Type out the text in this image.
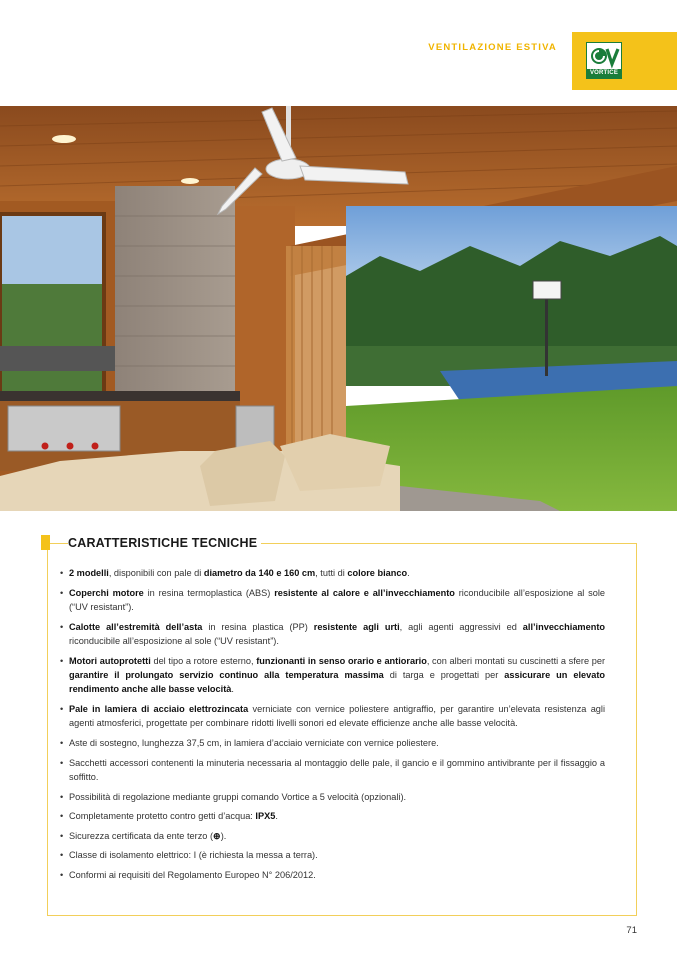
VENTILAZIONE ESTIVA
VORTICE
CARATTERISTICHE TECNICHE
• 2 modelli, disponibili con pale di diametro da 140 e 160 cm, tutti di colore bianco.
• Coperchi motore in resina termoplastica (ABS) resistente al calore e all’invecchiamento riconducibile all’esposizione al sole (“UV resistant”).
• Calotte all’estremità dell’asta in resina plastica (PP) resistente agli urti, agli agenti aggressivi ed all’invecchiamento riconducibile all’esposizione al sole (“UV resistant”).
• Motori autoprotetti del tipo a rotore esterno, funzionanti in senso orario e antiorario, con alberi montati su cuscinetti a sfere per garantire il prolungato servizio continuo alla temperatura massima di targa e progettati per assicurare un elevato rendimento anche alle basse velocità.
• Pale in lamiera di acciaio elettrozincata verniciate con vernice poliestere antigraffio, per garantire un’elevata resistenza agli agenti atmosferici, progettate per combinare ridotti livelli sonori ed elevate efficienze anche alle basse velocità.
• Aste di sostegno, lunghezza 37,5 cm, in lamiera d’acciaio verniciate con vernice poliestere.
• Sacchetti accessori contenenti la minuteria necessaria al montaggio delle pale, il gancio e il gommino antivibrante per il fissaggio a soffitto.
• Possibilità di regolazione mediante gruppi comando Vortice a 5 velocità (opzionali).
• Completamente protetto contro getti d’acqua: IPX5.
• Sicurezza certificata da ente terzo (⊕).
• Classe di isolamento elettrico: I (è richiesta la messa a terra).
• Conformi ai requisiti del Regolamento Europeo N° 206/2012.
71
